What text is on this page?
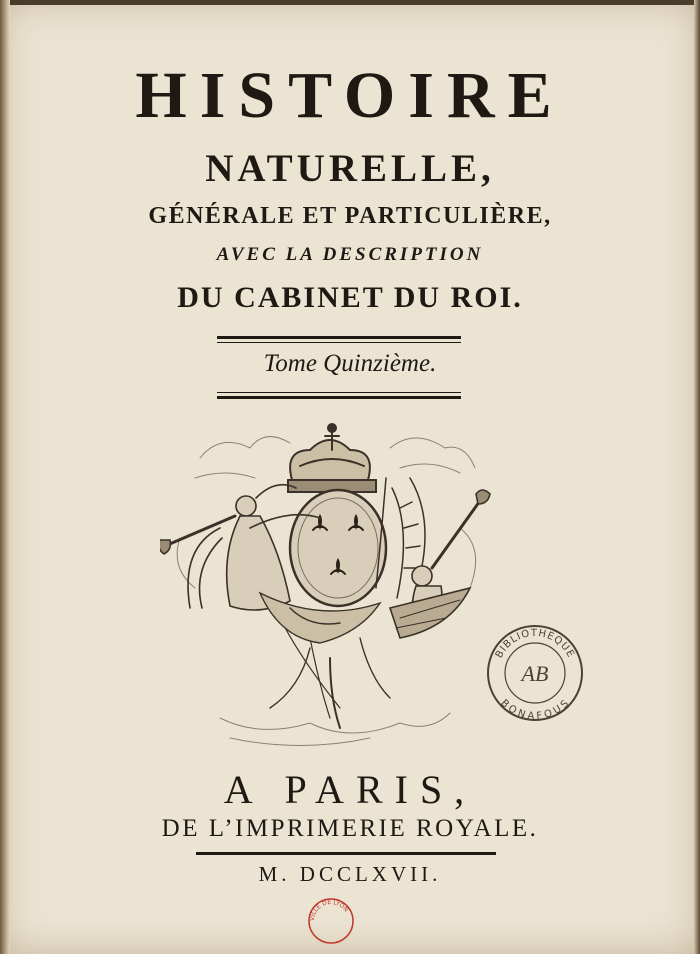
HISTOIRE
NATURELLE,
GÉNÉRALE ET PARTICULIÈRE,
AVEC LA DESCRIPTION
DU CABINET DU ROI.
Tome Quinzième.
A PARIS,
DE L’IMPRIMERIE ROYALE.
M. DCCLXVII.
BIBLIOTHEQUE
BONAFOUS
AB
VILLE DE LYON
